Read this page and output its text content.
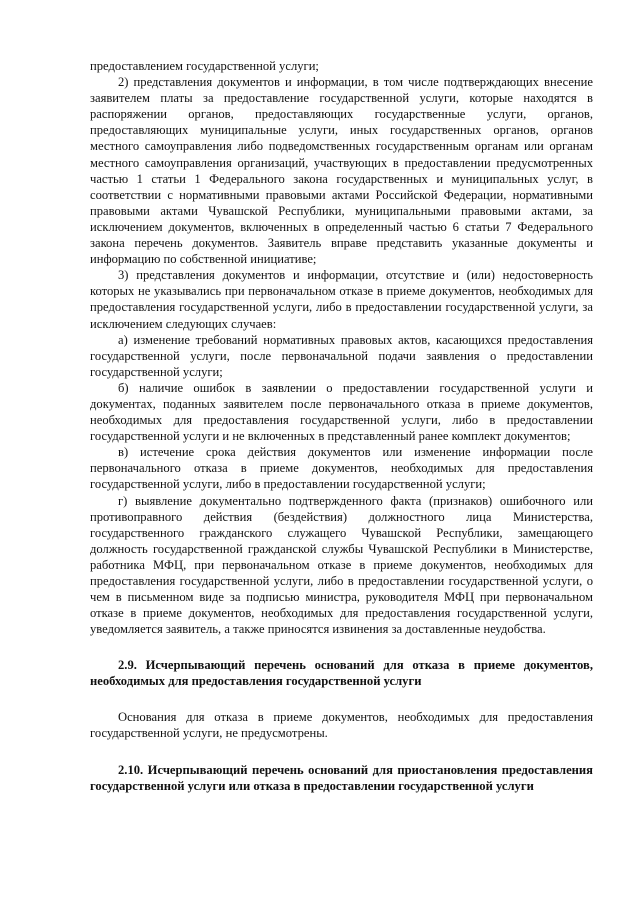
предоставлением государственной услуги;

2) представления документов и информации, в том числе подтверждающих внесение заявителем платы за предоставление государственной услуги, которые находятся в распоряжении органов, предоставляющих государственные услуги, органов, предоставляющих муниципальные услуги, иных государственных органов, органов местного самоуправления либо подведомственных государственным органам или органам местного самоуправления организаций, участвующих в предоставлении предусмотренных частью 1 статьи 1 Федерального закона государственных и муниципальных услуг, в соответствии с нормативными правовыми актами Российской Федерации, нормативными правовыми актами Чувашской Республики, муниципальными правовыми актами, за исключением документов, включенных в определенный частью 6 статьи 7 Федерального закона перечень документов. Заявитель вправе представить указанные документы и информацию по собственной инициативе;

3) представления документов и информации, отсутствие и (или) недостоверность которых не указывались при первоначальном отказе в приеме документов, необходимых для предоставления государственной услуги, либо в предоставлении государственной услуги, за исключением следующих случаев:

а) изменение требований нормативных правовых актов, касающихся предоставления государственной услуги, после первоначальной подачи заявления о предоставлении государственной услуги;

б) наличие ошибок в заявлении о предоставлении государственной услуги и документах, поданных заявителем после первоначального отказа в приеме документов, необходимых для предоставления государственной услуги, либо в предоставлении государственной услуги и не включенных в представленный ранее комплект документов;

в) истечение срока действия документов или изменение информации после первоначального отказа в приеме документов, необходимых для предоставления государственной услуги, либо в предоставлении государственной услуги;

г) выявление документально подтвержденного факта (признаков) ошибочного или противоправного действия (бездействия) должностного лица Министерства, государственного гражданского служащего Чувашской Республики, замещающего должность государственной гражданской службы Чувашской Республики в Министерстве, работника МФЦ, при первоначальном отказе в приеме документов, необходимых для предоставления государственной услуги, либо в предоставлении государственной услуги, о чем в письменном виде за подписью министра, руководителя МФЦ при первоначальном отказе в приеме документов, необходимых для предоставления государственной услуги, уведомляется заявитель, а также приносятся извинения за доставленные неудобства.

2.9. Исчерпывающий перечень оснований для отказа в приеме документов, необходимых для предоставления государственной услуги

Основания для отказа в приеме документов, необходимых для предоставления государственной услуги, не предусмотрены.

2.10. Исчерпывающий перечень оснований для приостановления предоставления государственной услуги или отказа в предоставлении государственной услуги
